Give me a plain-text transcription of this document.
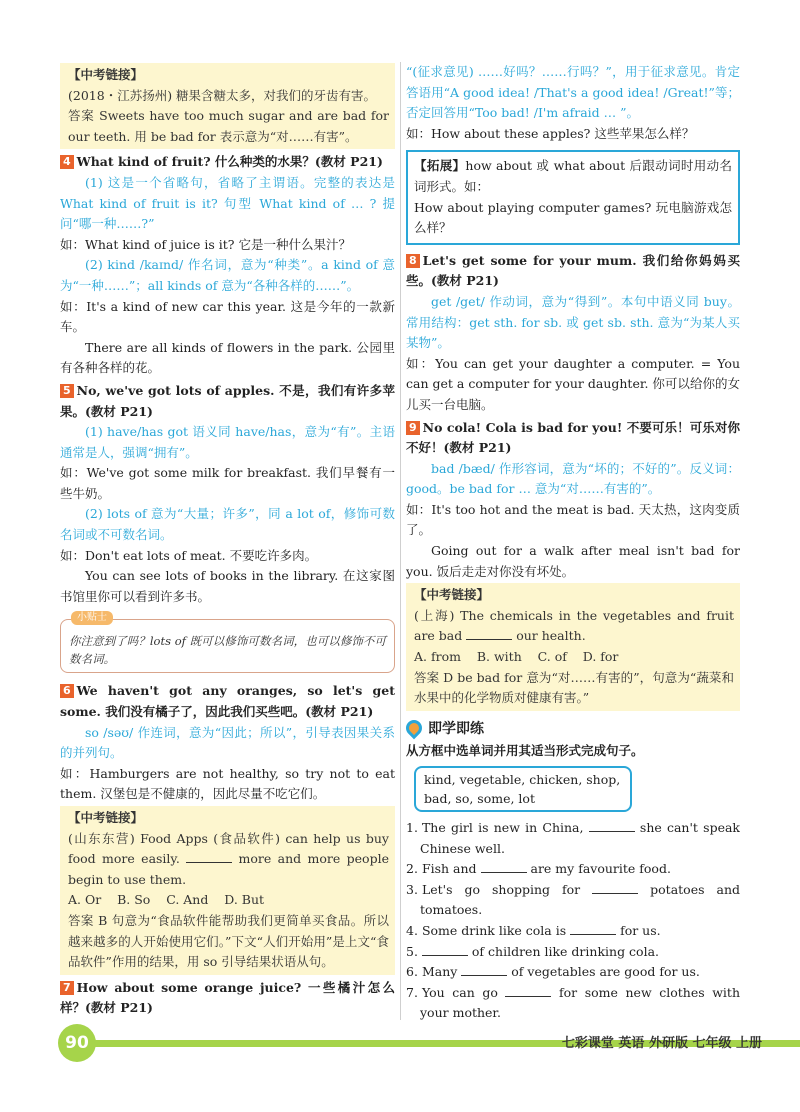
【中考链接】

(2018・江苏扬州) 糖果含糖太多，对我们的牙齿有害。

答案 Sweets have too much sugar and are bad for our teeth. 用 be bad for 表示意为“对……有害”。

4 What kind of fruit? 什么种类的水果？(教材 P21)

(1) 这是一个省略句，省略了主谓语。完整的表达是 What kind of fruit is it? 句型 What kind of … ? 提问“哪一种……?”

如：What kind of juice is it? 它是一种什么果汁？

(2) kind /kaɪnd/ 作名词，意为“种类”。a kind of 意为“一种……”；all kinds of 意为“各种各样的……”。

如：It's a kind of new car this year. 这是今年的一款新车。

There are all kinds of flowers in the park. 公园里有各种各样的花。

5 No, we've got lots of apples. 不是，我们有许多苹果。(教材 P21)

(1) have/has got 语义同 have/has，意为“有”。主语通常是人，强调“拥有”。

如：We've got some milk for breakfast. 我们早餐有一些牛奶。

(2) lots of 意为“大量；许多”，同 a lot of，修饰可数名词或不可数名词。

如：Don't eat lots of meat. 不要吃许多肉。

You can see lots of books in the library. 在这家图书馆里你可以看到许多书。

小贴士

你注意到了吗？lots of 既可以修饰可数名词，也可以修饰不可数名词。

6 We haven't got any oranges, so let's get some. 我们没有橘子了，因此我们买些吧。(教材 P21)

so /səʊ/ 作连词，意为“因此；所以”，引导表因果关系的并列句。

如：Hamburgers are not healthy, so try not to eat them. 汉堡包是不健康的，因此尽量不吃它们。

【中考链接】

(山东东营) Food Apps (食品软件) can help us buy food more easily.	more and more people begin to use them.

A. Or    B. So    C. And    D. But

答案 B 句意为“食品软件能帮助我们更简单买食品。所以越来越多的人开始使用它们。”下文“人们开始用”是上文“食品软件”作用的结果，用 so 引导结果状语从句。

7 How about some orange juice? 一些橘汁怎么样？(教材 P21)

“(征求意见) ……好吗？……行吗？”，用于征求意见。肯定答语用“A good idea! /That's a good idea! /Great!”等；否定回答用“Too bad! /I'm afraid … ”。

如：How about these apples? 这些苹果怎么样？

【拓展】how about 或 what about 后跟动词时用动名词形式。如：

How about playing computer games? 玩电脑游戏怎么样？

8 Let's get some for your mum. 我们给你妈妈买些。(教材 P21)

get /get/ 作动词，意为“得到”。本句中语义同 buy。常用结构：get sth. for sb. 或 get sb. sth. 意为“为某人买某物”。

如：You can get your daughter a computer. = You can get a computer for your daughter. 你可以给你的女儿买一台电脑。

9 No cola! Cola is bad for you! 不要可乐！可乐对你不好！(教材 P21)

bad /bæd/ 作形容词，意为“坏的；不好的”。反义词：good。be bad for … 意为“对……有害的”。

如：It's too hot and the meat is bad. 天太热，这肉变质了。

Going out for a walk after meal isn't bad for you. 饭后走走对你没有坏处。

【中考链接】

(上海) The chemicals in the vegetables and fruit are bad	our health.

A. from    B. with    C. of    D. for

答案 D be bad for 意为“对……有害的”，句意为“蔬菜和水果中的化学物质对健康有害。”

即学即练

从方框中选单词并用其适当形式完成句子。

kind, vegetable, chicken, shop, bad, so, some, lot

1. The girl is new in China,	she can't speak Chinese well.

2. Fish and	are my favourite food.

3. Let's go shopping for	potatoes and tomatoes.

4. Some drink like cola is	for us.

5.	of children like drinking cola.

6. Many	of vegetables are good for us.

7. You can go	for some new clothes with your mother.

90	七彩课堂 英语 外研版 七年级 上册
